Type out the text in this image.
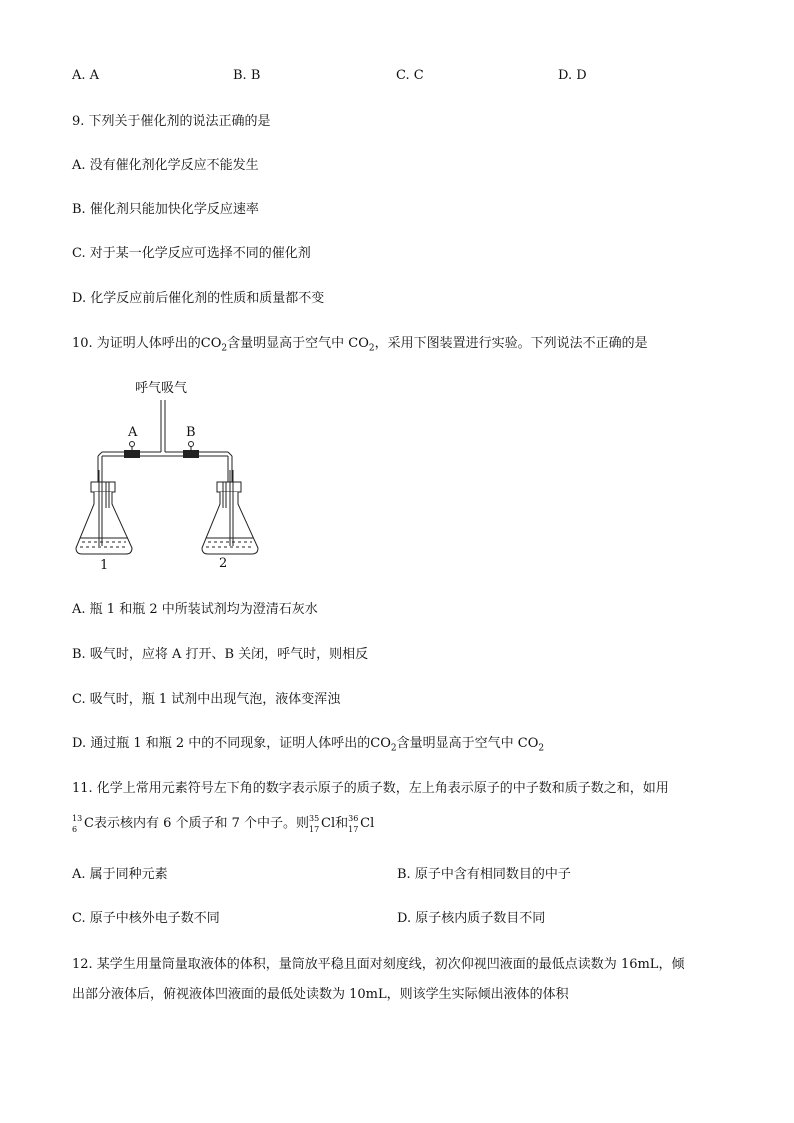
A. A	B. B	C. C	D. D
9. 下列关于催化剂的说法正确的是
A. 没有催化剂化学反应不能发生
B. 催化剂只能加快化学反应速率
C. 对于某一化学反应可选择不同的催化剂
D. 化学反应前后催化剂的性质和质量都不变
10. 为证明人体呼出的$CO_2$含量明显高于空气中 $CO_2$，采用下图装置进行实验。下列说法不正确的是
呼气吸气
A	B
1	2
A. 瓶 1 和瓶 2 中所装试剂均为澄清石灰水
B. 吸气时，应将 A 打开、B 关闭，呼气时，则相反
C. 吸气时，瓶 1 试剂中出现气泡，液体变浑浊
D. 通过瓶 1 和瓶 2 中的不同现象，证明人体呼出的$CO_2$含量明显高于空气中 $CO_2$
11. 化学上常用元素符号左下角的数字表示原子的质子数，左上角表示原子的中子数和质子数之和，如用
13
6 C表示核内有 6 个质子和 7 个中子。则 35
17 Cl和 36
17 Cl
A. 属于同种元素	B. 原子中含有相同数目的中子
C. 原子中核外电子数不同	D. 原子核内质子数目不同
12. 某学生用量筒量取液体的体积，量筒放平稳且面对刻度线，初次仰视凹液面的最低点读数为 16mL，倾
出部分液体后，俯视液体凹液面的最低处读数为 10mL，则该学生实际倾出液体的体积
